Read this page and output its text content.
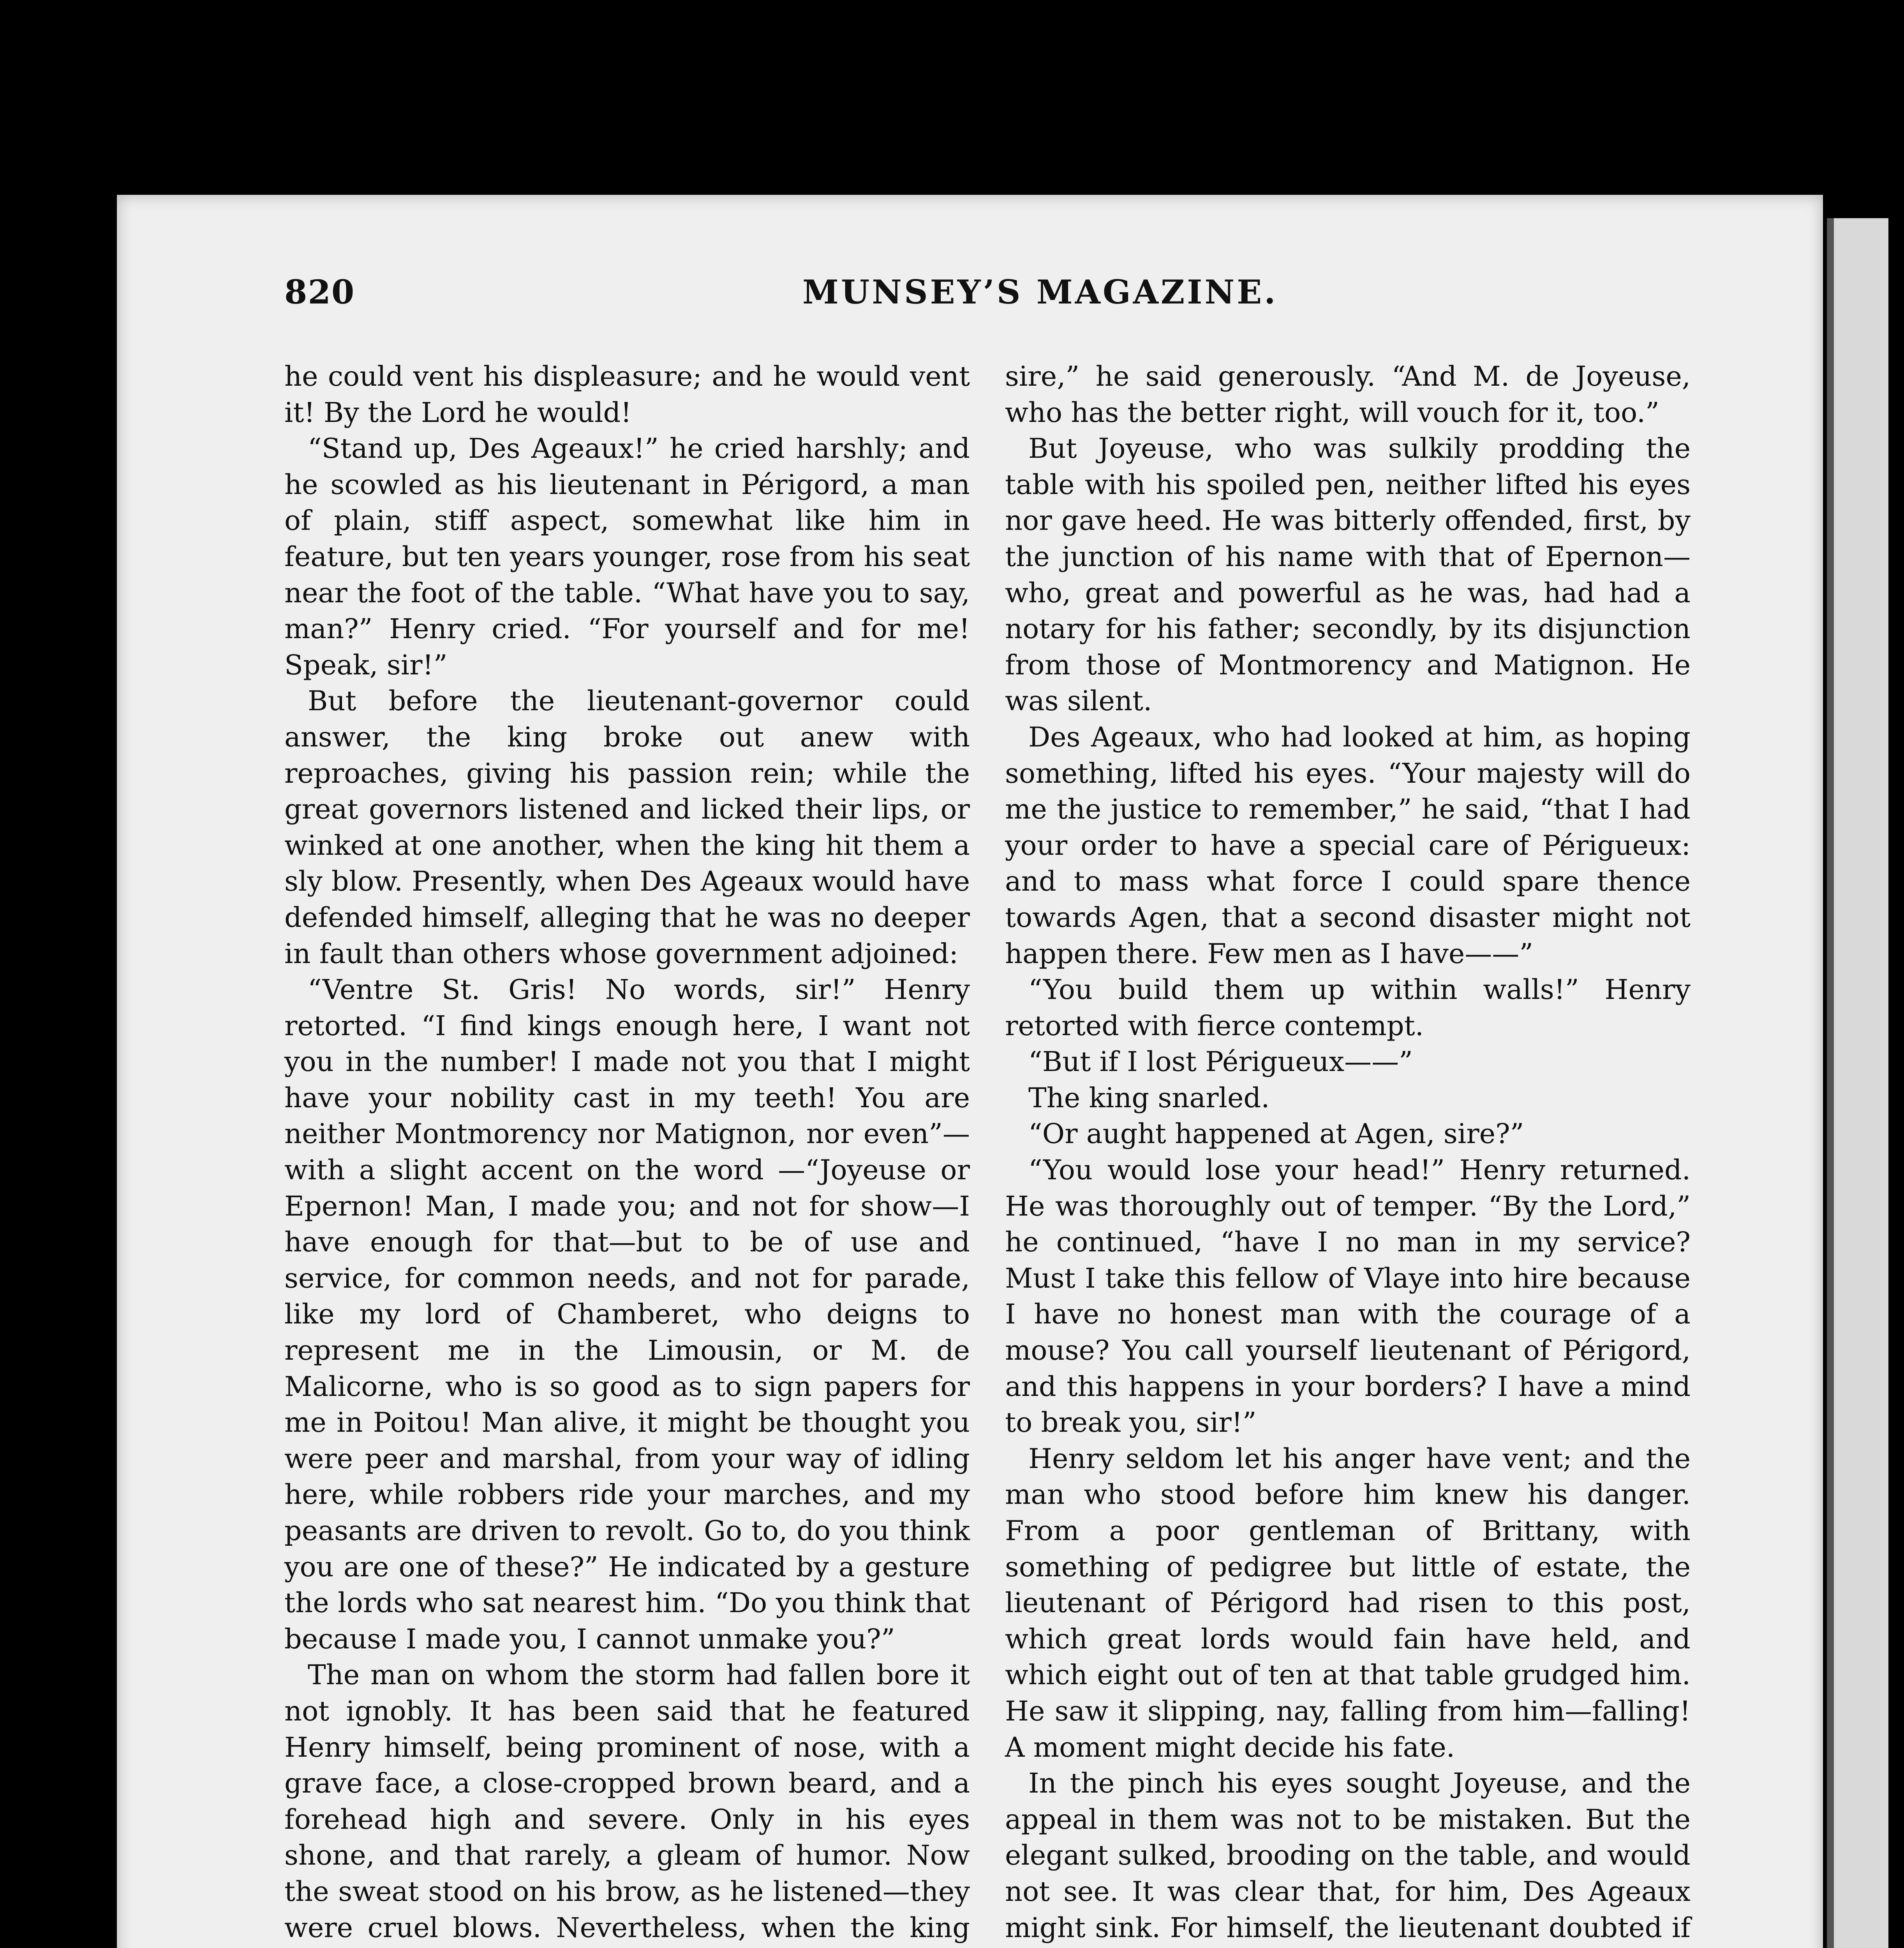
820	MUNSEY’S MAGAZINE.

he could vent his displeasure; and he would vent it! By the Lord he would!

“Stand up, Des Ageaux!” he cried harshly; and he scowled as his lieutenant in Périgord, a man of plain, stiff aspect, somewhat like him in feature, but ten years younger, rose from his seat near the foot of the table. “What have you to say, man?” Henry cried. “For yourself and for me! Speak, sir!”

But before the lieutenant-governor could answer, the king broke out anew with reproaches, giving his passion rein; while the great governors listened and licked their lips, or winked at one another, when the king hit them a sly blow. Presently, when Des Ageaux would have defended himself, alleging that he was no deeper in fault than others whose government adjoined:

“Ventre St. Gris! No words, sir!” Henry retorted. “I find kings enough here, I want not you in the number! I made not you that I might have your nobility cast in my teeth! You are neither Montmorency nor Matignon, nor even”—with a slight accent on the word —“Joyeuse or Epernon! Man, I made you; and not for show—I have enough for that—but to be of use and service, for common needs, and not for parade, like my lord of Chamberet, who deigns to represent me in the Limousin, or M. de Malicorne, who is so good as to sign papers for me in Poitou! Man alive, it might be thought you were peer and marshal, from your way of idling here, while robbers ride your marches, and my peasants are driven to revolt. Go to, do you think you are one of these?” He indicated by a gesture the lords who sat nearest him. “Do you think that because I made you, I cannot unmake you?”

The man on whom the storm had fallen bore it not ignobly. It has been said that he featured Henry himself, being prominent of nose, with a grave face, a close-cropped brown beard, and a forehead high and severe. Only in his eyes shone, and that rarely, a gleam of humor. Now the sweat stood on his brow, as he listened—they were cruel blows. Nevertheless, when the king

sire,” he said generously. “And M. de Joyeuse, who has the better right, will vouch for it, too.”

But Joyeuse, who was sulkily prodding the table with his spoiled pen, neither lifted his eyes nor gave heed. He was bitterly offended, first, by the junction of his name with that of Epernon—who, great and powerful as he was, had had a notary for his father; secondly, by its disjunction from those of Montmorency and Matignon. He was silent.

Des Ageaux, who had looked at him, as hoping something, lifted his eyes. “Your majesty will do me the justice to remember,” he said, “that I had your order to have a special care of Périgueux: and to mass what force I could spare thence towards Agen, that a second disaster might not happen there. Few men as I have——”

“You build them up within walls!” Henry retorted with fierce contempt.

“But if I lost Périgueux——”

The king snarled.

“Or aught happened at Agen, sire?”

“You would lose your head!” Henry returned. He was thoroughly out of temper. “By the Lord,” he continued, “have I no man in my service? Must I take this fellow of Vlaye into hire because I have no honest man with the courage of a mouse? You call yourself lieutenant of Périgord, and this happens in your borders? I have a mind to break you, sir!”

Henry seldom let his anger have vent; and the man who stood before him knew his danger. From a poor gentleman of Brittany, with something of pedigree but little of estate, the lieutenant of Périgord had risen to this post, which great lords would fain have held, and which eight out of ten at that table grudged him. He saw it slipping, nay, falling from him—falling! A moment might decide his fate.

In the pinch his eyes sought Joyeuse, and the appeal in them was not to be mistaken. But the elegant sulked, brooding on the table, and would not see. It was clear that, for him, Des Ageaux might sink. For himself, the lieutenant doubted if
